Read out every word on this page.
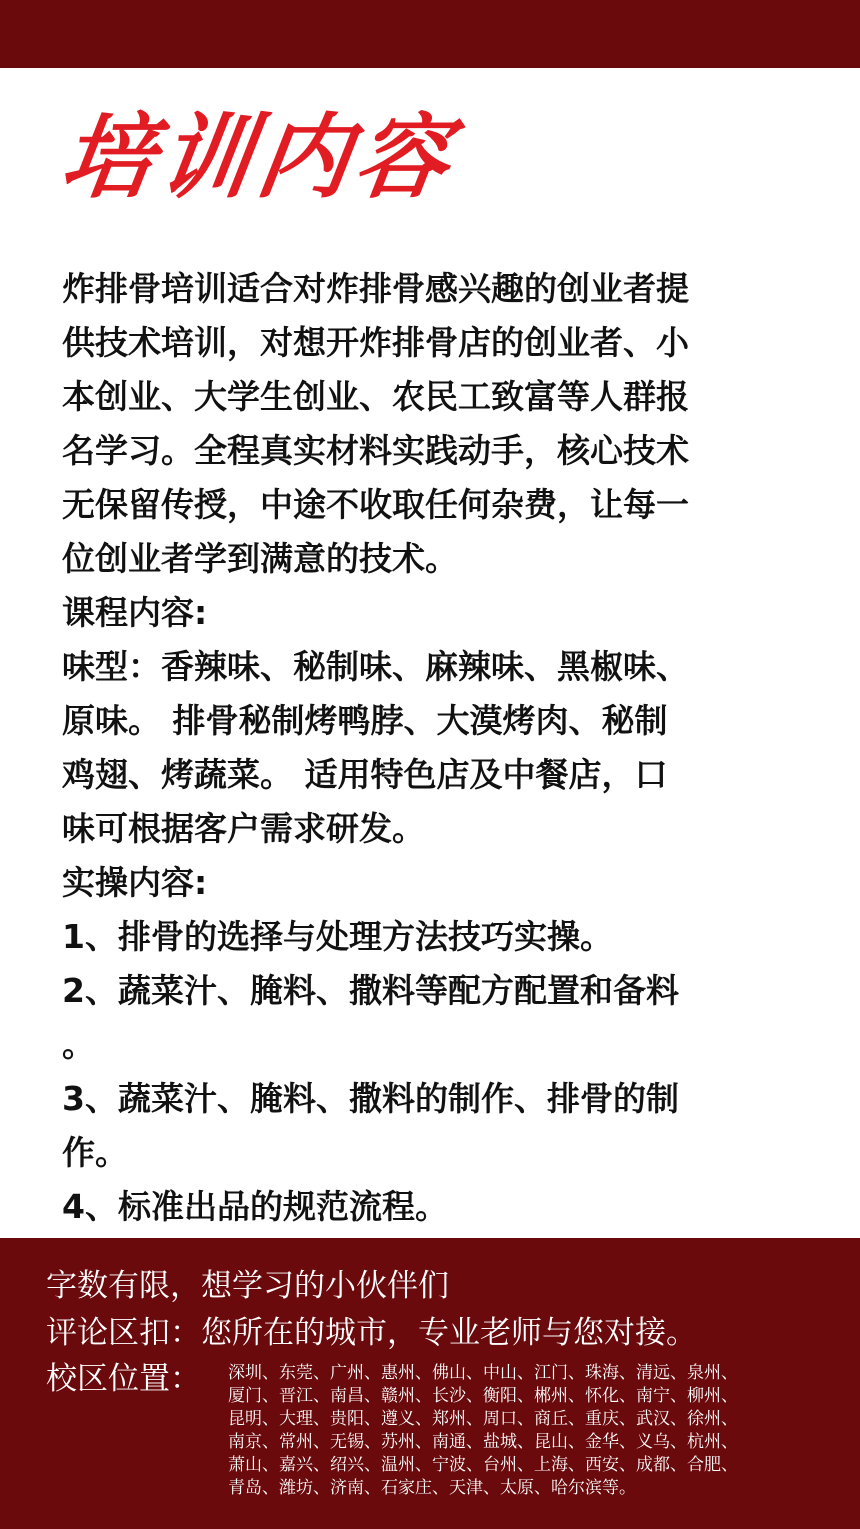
培训内容

炸排骨培训适合对炸排骨感兴趣的创业者提

供技术培训，对想开炸排骨店的创业者、小

本创业、大学生创业、农民工致富等人群报

名学习。全程真实材料实践动手，核心技术

无保留传授，中途不收取任何杂费，让每一

位创业者学到满意的技术。

课程内容:

味型：香辣味、秘制味、麻辣味、黑椒味、

原味。 排骨秘制烤鸭脖、大漠烤肉、秘制

鸡翅、烤蔬菜。 适用特色店及中餐店，口

味可根据客户需求研发。

实操内容:

1、排骨的选择与处理方法技巧实操。

2、蔬菜汁、腌料、撒料等配方配置和备料

。

3、蔬菜汁、腌料、撒料的制作、排骨的制

作。

4、标准出品的规范流程。

字数有限，想学习的小伙伴们
评论区扣：您所在的城市，专业老师与您对接。
校区位置： 深圳、东莞、广州、惠州、佛山、中山、江门、珠海、清远、泉州、
厦门、晋江、南昌、赣州、长沙、衡阳、郴州、怀化、南宁、柳州、
昆明、大理、贵阳、遵义、郑州、周口、商丘、重庆、武汉、徐州、
南京、常州、无锡、苏州、南通、盐城、昆山、金华、义乌、杭州、
萧山、嘉兴、绍兴、温州、宁波、台州、上海、西安、成都、合肥、
青岛、潍坊、济南、石家庄、天津、太原、哈尔滨等。
